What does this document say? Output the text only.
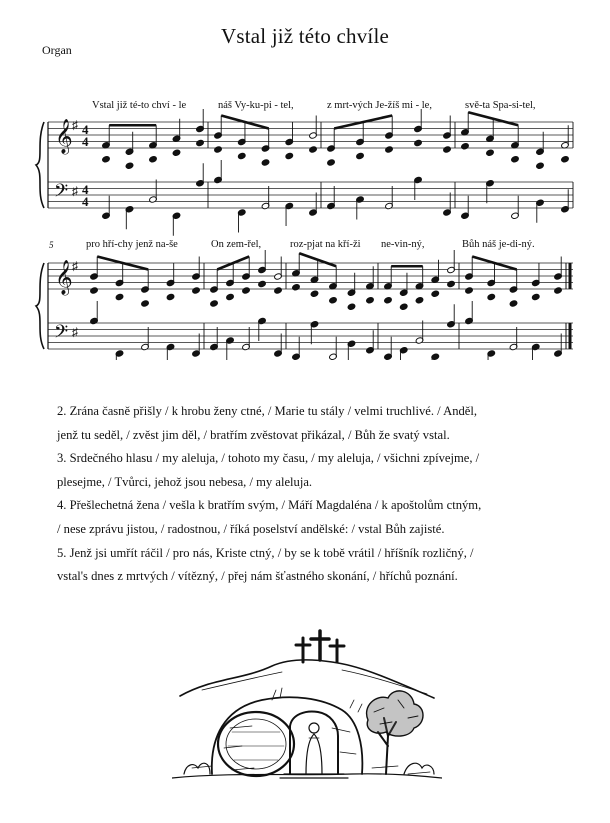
Vstal již této chvíle
Organ
Vstal již té-to chví - le	náš Vy-ku-pi - tel,	z mrt-vých Je-žíš mi - le,	svě-ta Spa-si-tel,
5	pro hří-chy jenž na-še	On zem-řel,	roz-pjat na kří-ži ne-vin-ný,	Bůh náš je-di-ný.
𝄞
𝄢
♯
♯
4
4
4
4
𝄞
𝄢
♯
♯

2. Zrána časně přišly / k hrobu ženy ctné, / Marie tu stály / velmi truchlivé. / Anděl,

jenž tu seděl, / zvěst jim děl, / bratřím zvěstovat přikázal, / Bůh že svatý vstal.

3. Srdečného hlasu / my aleluja, / tohoto my času, / my aleluja, / všichni zpívejme, /

plesejme, / Tvůrci, jehož jsou nebesa, / my aleluja.

4. Přešlechetná žena / vešla k bratřím svým, / Máří Magdaléna / k apoštolům ctným,

/ nese zprávu jistou, / radostnou, / říká poselství andělské: / vstal Bůh zajisté.

5. Jenž jsi umřít ráčil / pro nás, Kriste ctný, / by se k tobě vrátil / hříšník rozličný, /

vstal's dnes z mrtvých / vítězný, / přej nám šťastného skonání, / hříchů poznání.
